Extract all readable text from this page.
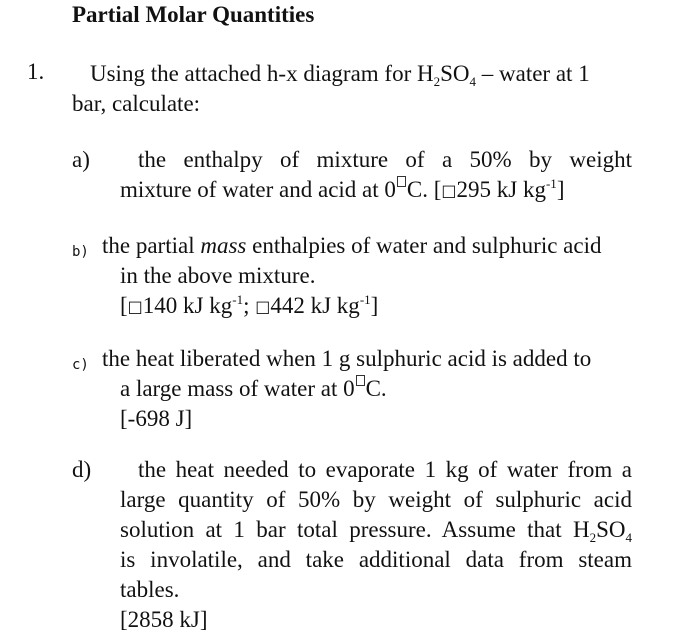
Partial Molar Quantities
1.	Using the attached h-x diagram for $H_2SO_4$ – water at 1
bar, calculate:
a) the enthalpy of mixture of a 50% by weight
mixture of water and acid at 0 C. [□295 kJ $kg^{-1}$]
b) the partial mass enthalpies of water and sulphuric acid
in the above mixture.
[□140 kJ $kg^{-1}$; □442 kJ $kg^{-1}$]
c) the heat liberated when 1 g sulphuric acid is added to
a large mass of water at 0 C.
[-698 J]
d) the heat needed to evaporate 1 kg of water from a
large quantity of 50% by weight of sulphuric acid
solution at 1 bar total pressure. Assume that $H_2SO_4$
is involatile, and take additional data from steam
tables.
[2858 kJ]
